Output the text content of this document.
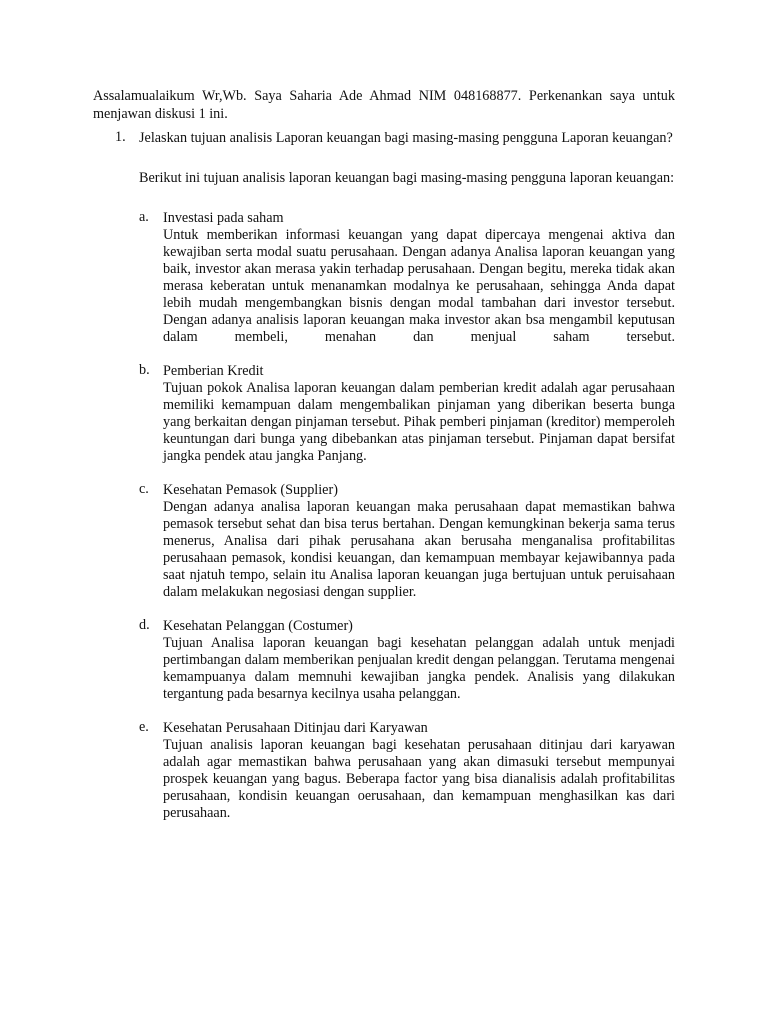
Assalamualaikum Wr,Wb. Saya Saharia Ade Ahmad NIM 048168877. Perkenankan saya untuk menjawan diskusi 1 ini.

1. Jelaskan tujuan analisis Laporan keuangan bagi masing-masing pengguna Laporan keuangan?

Berikut ini tujuan analisis laporan keuangan bagi masing-masing pengguna laporan keuangan:

a. Investasi pada saham

Untuk memberikan informasi keuangan yang dapat dipercaya mengenai aktiva dan kewajiban serta modal suatu perusahaan. Dengan adanya Analisa laporan keuangan yang baik, investor akan merasa yakin terhadap perusahaan. Dengan begitu, mereka tidak akan merasa keberatan untuk menanamkan modalnya ke perusahaan, sehingga Anda dapat lebih mudah mengembangkan bisnis dengan modal tambahan dari investor tersebut. Dengan adanya analisis laporan keuangan maka investor akan bsa mengambil keputusan dalam membeli, menahan dan menjual saham tersebut.

b. Pemberian Kredit

Tujuan pokok Analisa laporan keuangan dalam pemberian kredit adalah agar perusahaan memiliki kemampuan dalam mengembalikan pinjaman yang diberikan beserta bunga yang berkaitan dengan pinjaman tersebut. Pihak pemberi pinjaman (kreditor) memperoleh keuntungan dari bunga yang dibebankan atas pinjaman tersebut. Pinjaman dapat bersifat jangka pendek atau jangka Panjang.

c. Kesehatan Pemasok (Supplier)

Dengan adanya analisa laporan keuangan maka perusahaan dapat memastikan bahwa pemasok tersebut sehat dan bisa terus bertahan. Dengan kemungkinan bekerja sama terus menerus, Analisa dari pihak perusahana akan berusaha menganalisa profitabilitas perusahaan pemasok, kondisi keuangan, dan kemampuan membayar kejawibannya pada saat njatuh tempo, selain itu Analisa laporan keuangan juga bertujuan untuk peruisahaan dalam melakukan negosiasi dengan supplier.

d. Kesehatan Pelanggan (Costumer)

Tujuan Analisa laporan keuangan bagi kesehatan pelanggan adalah untuk menjadi pertimbangan dalam memberikan penjualan kredit dengan pelanggan. Terutama mengenai kemampuanya dalam memnuhi kewajiban jangka pendek. Analisis yang dilakukan tergantung pada besarnya kecilnya usaha pelanggan.

e. Kesehatan Perusahaan Ditinjau dari Karyawan

Tujuan analisis laporan keuangan bagi kesehatan perusahaan ditinjau dari karyawan adalah agar memastikan bahwa perusahaan yang akan dimasuki tersebut mempunyai prospek keuangan yang bagus. Beberapa factor yang bisa dianalisis adalah profitabilitas perusahaan, kondisin keuangan oerusahaan, dan kemampuan menghasilkan kas dari perusahaan.
